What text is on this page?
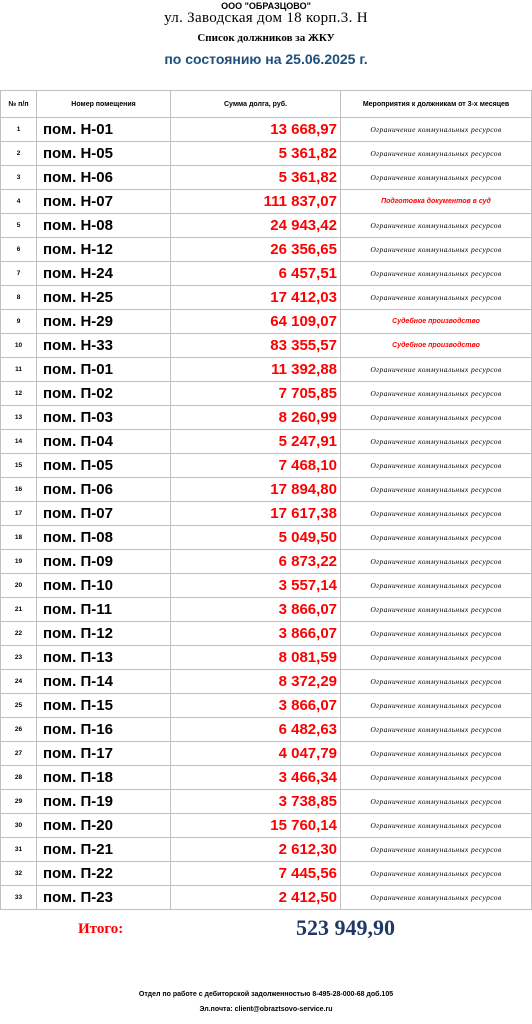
ООО "ОБРАЗЦОВО"
ул. Заводская дом 18 корп.3. Н
Список должников за ЖКУ
по состоянию на 25.06.2025 г.
№ п/п	Номер помещения	Сумма долга, руб.	Мероприятия к должникам от 3-х месяцев
1	пом. Н-01	13 668,97	Ограничение коммунальных ресурсов
2	пом. Н-05	5 361,82	Ограничение коммунальных ресурсов
3	пом. Н-06	5 361,82	Ограничение коммунальных ресурсов
4	пом. Н-07	111 837,07	Подготовка документов в суд
5	пом. Н-08	24 943,42	Ограничение коммунальных ресурсов
6	пом. Н-12	26 356,65	Ограничение коммунальных ресурсов
7	пом. Н-24	6 457,51	Ограничение коммунальных ресурсов
8	пом. Н-25	17 412,03	Ограничение коммунальных ресурсов
9	пом. Н-29	64 109,07	Судебное производство
10	пом. Н-33	83 355,57	Судебное производство
11	пом. П-01	11 392,88	Ограничение коммунальных ресурсов
12	пом. П-02	7 705,85	Ограничение коммунальных ресурсов
13	пом. П-03	8 260,99	Ограничение коммунальных ресурсов
14	пом. П-04	5 247,91	Ограничение коммунальных ресурсов
15	пом. П-05	7 468,10	Ограничение коммунальных ресурсов
16	пом. П-06	17 894,80	Ограничение коммунальных ресурсов
17	пом. П-07	17 617,38	Ограничение коммунальных ресурсов
18	пом. П-08	5 049,50	Ограничение коммунальных ресурсов
19	пом. П-09	6 873,22	Ограничение коммунальных ресурсов
20	пом. П-10	3 557,14	Ограничение коммунальных ресурсов
21	пом. П-11	3 866,07	Ограничение коммунальных ресурсов
22	пом. П-12	3 866,07	Ограничение коммунальных ресурсов
23	пом. П-13	8 081,59	Ограничение коммунальных ресурсов
24	пом. П-14	8 372,29	Ограничение коммунальных ресурсов
25	пом. П-15	3 866,07	Ограничение коммунальных ресурсов
26	пом. П-16	6 482,63	Ограничение коммунальных ресурсов
27	пом. П-17	4 047,79	Ограничение коммунальных ресурсов
28	пом. П-18	3 466,34	Ограничение коммунальных ресурсов
29	пом. П-19	3 738,85	Ограничение коммунальных ресурсов
30	пом. П-20	15 760,14	Ограничение коммунальных ресурсов
31	пом. П-21	2 612,30	Ограничение коммунальных ресурсов
32	пом. П-22	7 445,56	Ограничение коммунальных ресурсов
33	пом. П-23	2 412,50	Ограничение коммунальных ресурсов
Итого:	523 949,90
Отдел по работе с дебиторской задолженностью 8-495-28-000-68 доб.105
Эл.почта: client@obraztsovo-service.ru
